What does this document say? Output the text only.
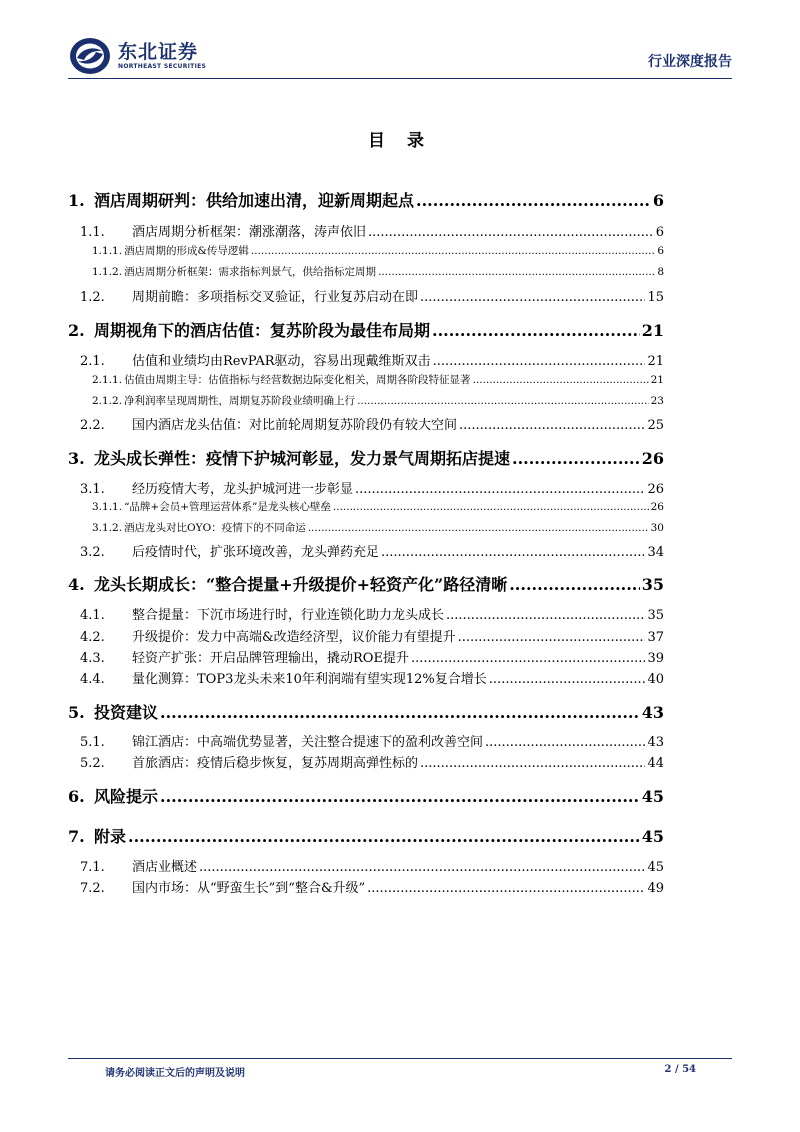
东北证券
NORTHEAST SECURITIES	行业深度报告
目 录
1. 酒店周期研判：供给加速出清，迎新周期起点 .....	6
1.1.	酒店周期分析框架：潮涨潮落，涛声依旧 .....	6
1.1.1. 酒店周期的形成&传导逻辑 .....	6
1.1.2. 酒店周期分析框架：需求指标判景气，供给指标定周期 .....	8
1.2.	周期前瞻：多项指标交叉验证，行业复苏启动在即 .....	15
2. 周期视角下的酒店估值：复苏阶段为最佳布局期 .....	21
2.1.	估值和业绩均由RevPAR驱动，容易出现戴维斯双击 .....	21
2.1.1. 估值由周期主导：估值指标与经营数据边际变化相关，周期各阶段特征显著 .....	21
2.1.2. 净利润率呈现周期性，周期复苏阶段业绩明确上行 .....	23
2.2.	国内酒店龙头估值：对比前轮周期复苏阶段仍有较大空间 .....	25
3. 龙头成长弹性：疫情下护城河彰显，发力景气周期拓店提速 .....	26
3.1.	经历疫情大考，龙头护城河进一步彰显 .....	26
3.1.1. “品牌+会员+管理运营体系”是龙头核心壁垒 .....	26
3.1.2. 酒店龙头对比OYO：疫情下的不同命运 .....	30
3.2.	后疫情时代，扩张环境改善，龙头弹药充足 .....	34
4. 龙头长期成长：“整合提量+升级提价+轻资产化”路径清晰 .....	35
4.1.	整合提量：下沉市场进行时，行业连锁化助力龙头成长 .....	35
4.2.	升级提价：发力中高端&改造经济型，议价能力有望提升 .....	37
4.3.	轻资产扩张：开启品牌管理输出，撬动ROE提升 .....	39
4.4.	量化测算：TOP3龙头未来10年利润端有望实现12%复合增长 .....	40
5. 投资建议 .....	43
5.1.	锦江酒店：中高端优势显著，关注整合提速下的盈利改善空间 .....	43
5.2.	首旅酒店：疫情后稳步恢复，复苏周期高弹性标的 .....	44
6. 风险提示 .....	45
7. 附录 .....	45
7.1.	酒店业概述 .....	45
7.2.	国内市场：从“野蛮生长”到“整合&升级” .....	49
请务必阅读正文后的声明及说明	2 / 54
